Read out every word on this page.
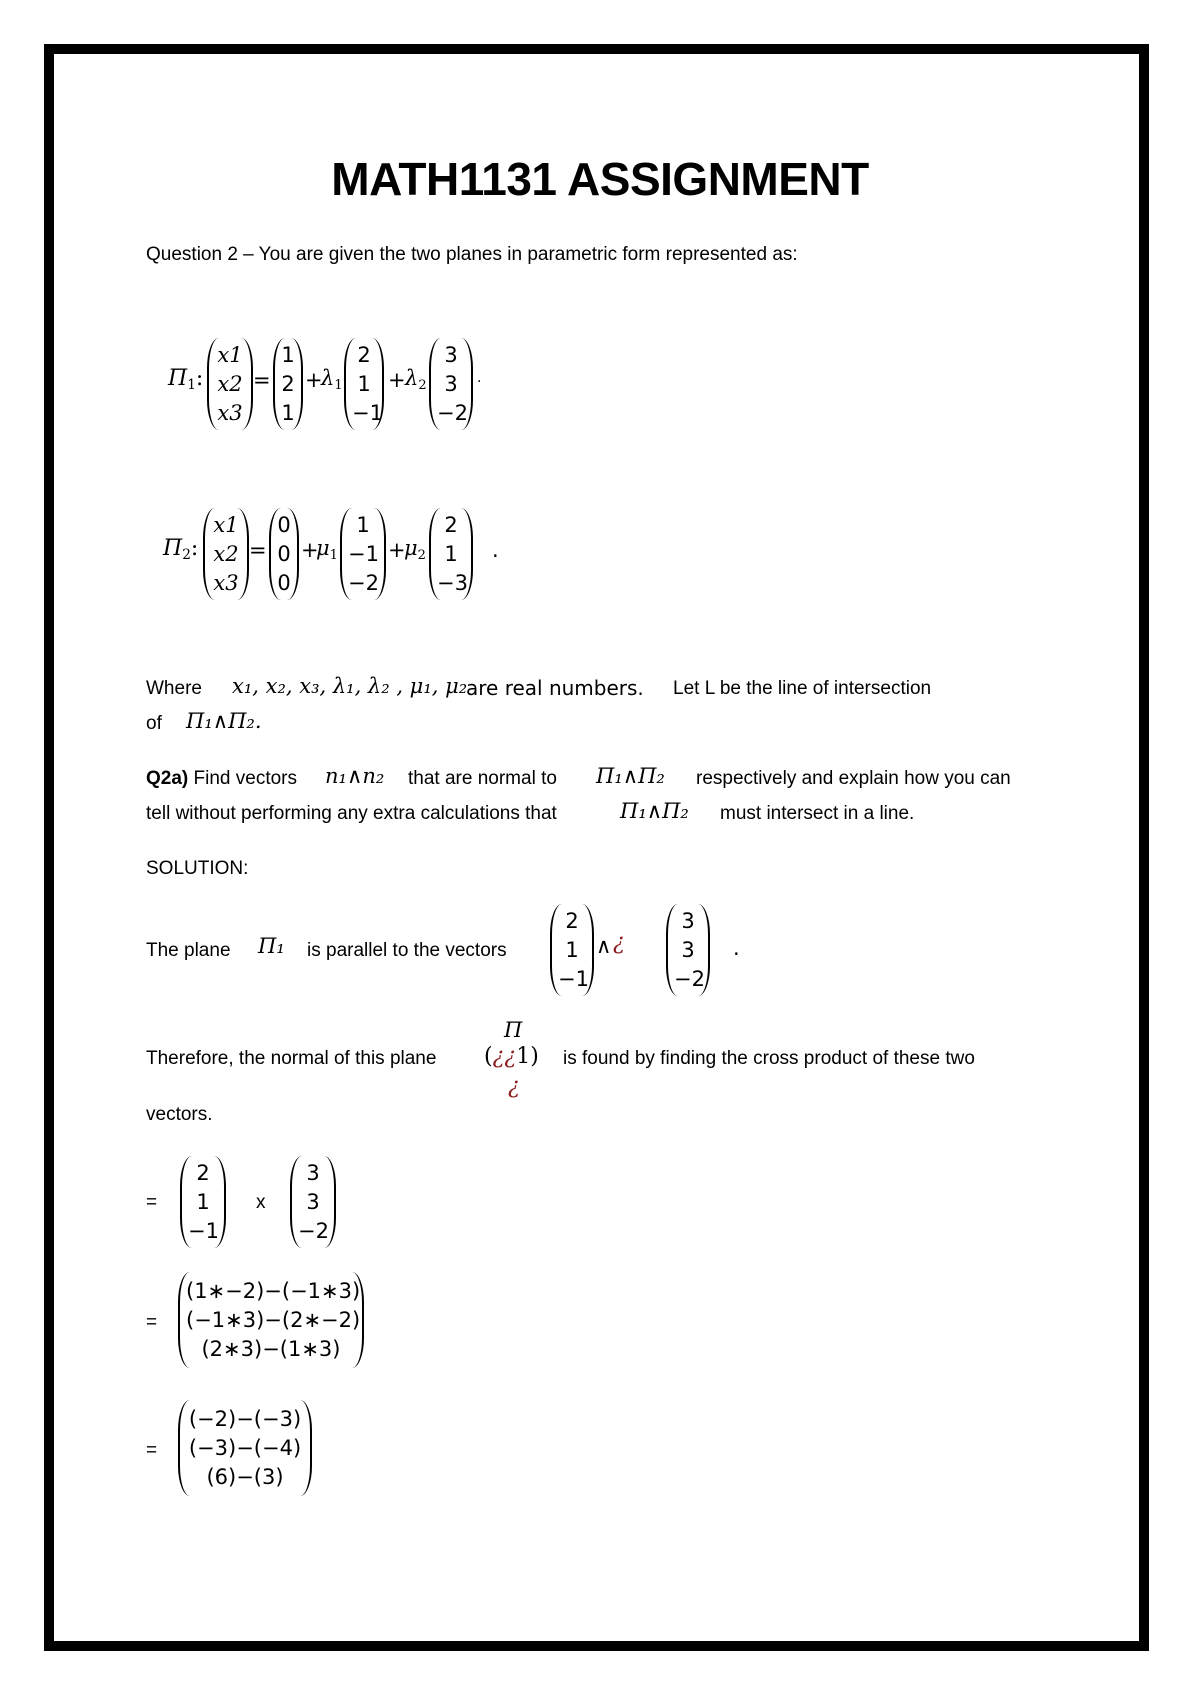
MATH1131 ASSIGNMENT
Question 2 – You are given the two planes in parametric form represented as:
$\Pi_1$:
x1
x2
x3
=
1
2
1
+
$\lambda_1$
2
1
−1
+ $\lambda_2$
3
3
−2
.
$\Pi_2$:
x1
x2
x3
=
0
0
0
+
$\mu_1$
1
−1
−2
+
$\mu_2$
2
1
−3
.
Where x₁, x₂, x₃, λ₁, λ₂ , μ₁, μ₂
are real numbers. Let L be the line of intersection
of Π₁∧Π₂.
Q2a) Find vectors n₁∧n₂ that are normal to Π₁∧Π₂ respectively and explain how you can
tell without performing any extra calculations that	Π₁∧Π₂ must intersect in a line.
SOLUTION:
The plane Π₁ is parallel to the vectors
2
1
−1
∧ ¿
3
3
−2
.
Π
Therefore, the normal of this plane (¿¿1)
¿
is found by finding the cross product of these two
vectors.
=
2
1
−1
x
3
3
−2
=
(1∗−2)−(−1∗3)
(−1∗3)−(2∗−2)
(2∗3)−(1∗3)
=
(−2)−(−3)
(−3)−(−4)
(6)−(3)
